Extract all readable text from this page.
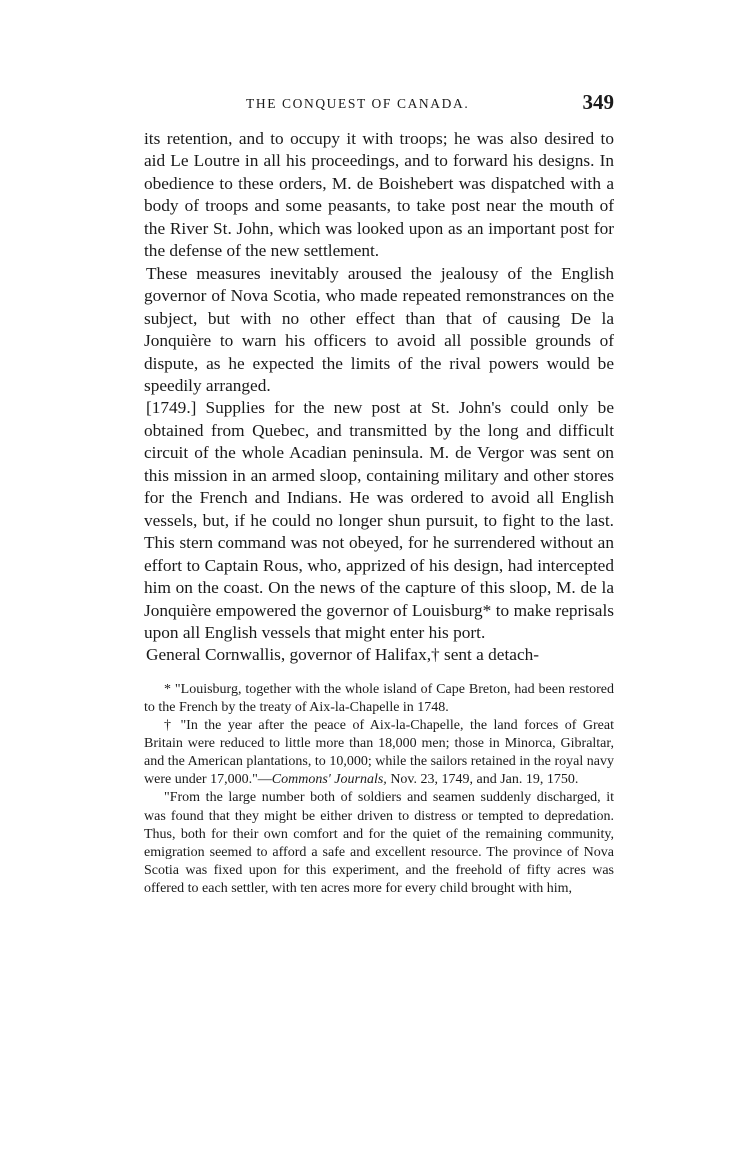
THE CONQUEST OF CANADA.	349

its retention, and to occupy it with troops; he was also desired to aid Le Loutre in all his proceedings, and to forward his designs. In obedience to these orders, M. de Boishebert was dispatched with a body of troops and some peasants, to take post near the mouth of the River St. John, which was looked upon as an important post for the defense of the new settlement.

These measures inevitably aroused the jealousy of the English governor of Nova Scotia, who made repeated remonstrances on the subject, but with no other effect than that of causing De la Jonquière to warn his officers to avoid all possible grounds of dispute, as he expected the limits of the rival powers would be speedily arranged.

[1749.] Supplies for the new post at St. John's could only be obtained from Quebec, and transmitted by the long and difficult circuit of the whole Acadian peninsula. M. de Vergor was sent on this mission in an armed sloop, containing military and other stores for the French and Indians. He was ordered to avoid all English vessels, but, if he could no longer shun pursuit, to fight to the last. This stern command was not obeyed, for he surrendered without an effort to Captain Rous, who, apprized of his design, had intercepted him on the coast. On the news of the capture of this sloop, M. de la Jonquière empowered the governor of Louisburg* to make reprisals upon all English vessels that might enter his port.

General Cornwallis, governor of Halifax,† sent a detach-

* "Louisburg, together with the whole island of Cape Breton, had been restored to the French by the treaty of Aix-la-Chapelle in 1748.

† "In the year after the peace of Aix-la-Chapelle, the land forces of Great Britain were reduced to little more than 18,000 men; those in Minorca, Gibraltar, and the American plantations, to 10,000; while the sailors retained in the royal navy were under 17,000."—Commons' Journals, Nov. 23, 1749, and Jan. 19, 1750.

"From the large number both of soldiers and seamen suddenly discharged, it was found that they might be either driven to distress or tempted to depredation. Thus, both for their own comfort and for the quiet of the remaining community, emigration seemed to afford a safe and excellent resource. The province of Nova Scotia was fixed upon for this experiment, and the freehold of fifty acres was offered to each settler, with ten acres more for every child brought with him,
